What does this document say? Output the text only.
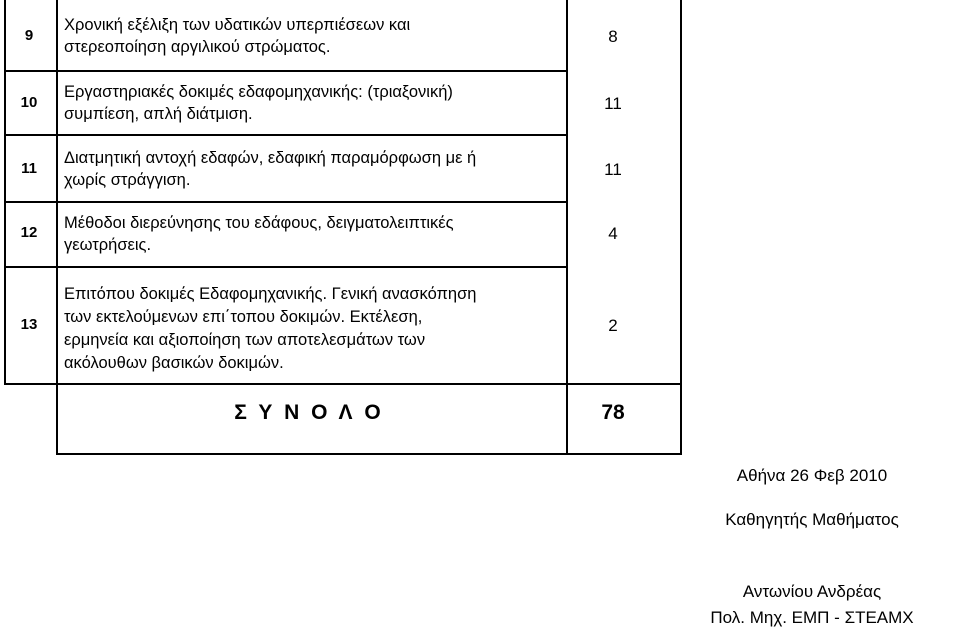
9
Χρονική εξέλιξη των υδατικών υπερπιέσεων και
στερεοποίηση αργιλικού στρώματος.
8
10
Εργαστηριακές δοκιμές εδαφομηχανικής: (τριαξονική)
συμπίεση, απλή διάτμιση.
11
11
Διατμητική αντοχή εδαφών, εδαφική παραμόρφωση με ή
χωρίς στράγγιση.
11
12
Μέθοδοι διερεύνησης του εδάφους, δειγματολειπτικές
γεωτρήσεις.
4
13
Επιτόπου δοκιμές Εδαφομηχανικής. Γενική ανασκόπηση
των εκτελούμενων επι΄τοπου δοκιμών. Εκτέλεση,
ερμηνεία και αξιοποίηση των αποτελεσμάτων των
ακόλουθων βασικών δοκιμών.
2
Σ Υ Ν Ο Λ Ο	78
Αθήνα 26 Φεβ 2010
Καθηγητής Μαθήματος
Αντωνίου Ανδρέας
Πολ. Μηχ. ΕΜΠ - ΣΤΕΑΜΧ
